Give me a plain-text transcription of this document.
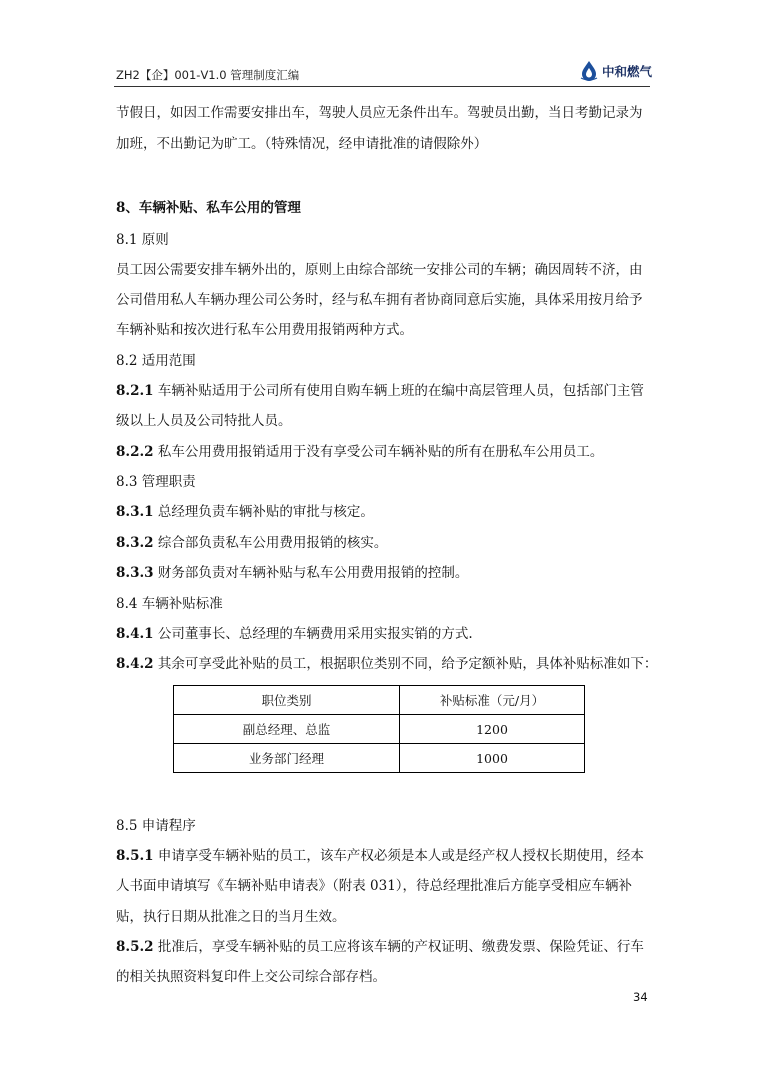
ZH2【企】001-V1.0 管理制度汇编	中和燃气
节假日，如因工作需要安排出车，驾驶人员应无条件出车。驾驶员出勤，当日考勤记录为
加班，不出勤记为旷工。（特殊情况，经申请批准的请假除外）
8、车辆补贴、私车公用的管理
8.1 原则
员工因公需要安排车辆外出的，原则上由综合部统一安排公司的车辆；确因周转不济，由
公司借用私人车辆办理公司公务时，经与私车拥有者协商同意后实施，具体采用按月给予
车辆补贴和按次进行私车公用费用报销两种方式。
8.2 适用范围
8.2.1 车辆补贴适用于公司所有使用自购车辆上班的在编中高层管理人员，包括部门主管
级以上人员及公司特批人员。
8.2.2 私车公用费用报销适用于没有享受公司车辆补贴的所有在册私车公用员工。
8.3 管理职责
8.3.1 总经理负责车辆补贴的审批与核定。
8.3.2 综合部负责私车公用费用报销的核实。
8.3.3 财务部负责对车辆补贴与私车公用费用报销的控制。
8.4 车辆补贴标准
8.4.1 公司董事长、总经理的车辆费用采用实报实销的方式.
8.4.2 其余可享受此补贴的员工，根据职位类别不同，给予定额补贴，具体补贴标准如下：
职位类别	补贴标准（元/月）
副总经理、总监	1200
业务部门经理	1000
8.5 申请程序
8.5.1 申请享受车辆补贴的员工，该车产权必须是本人或是经产权人授权长期使用，经本
人书面申请填写《车辆补贴申请表》（附表 031），待总经理批准后方能享受相应车辆补
贴，执行日期从批准之日的当月生效。
8.5.2 批准后，享受车辆补贴的员工应将该车辆的产权证明、缴费发票、保险凭证、行车
的相关执照资料复印件上交公司综合部存档。
34
